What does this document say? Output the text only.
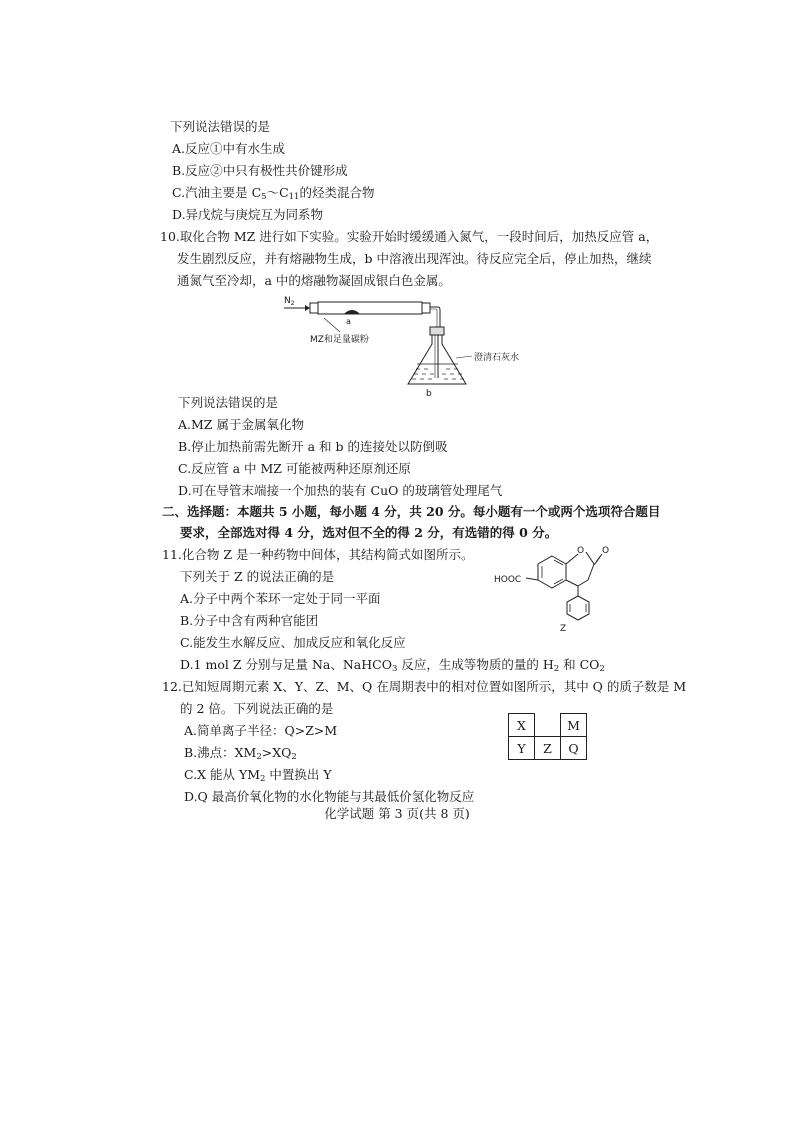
下列说法错误的是
A.反应①中有水生成
B.反应②中只有极性共价键形成
C.汽油主要是 $C_5\sim C_{11}$的烃类混合物
D.异戊烷与庚烷互为同系物
10.取化合物 MZ 进行如下实验。实验开始时缓缓通入氮气，一段时间后，加热反应管 a，
发生剧烈反应，并有熔融物生成，b 中溶液出现浑浊。待反应完全后，停止加热，继续
通氮气至冷却，a 中的熔融物凝固成银白色金属。
$N_2$
a
MZ和足量碳粉
澄清石灰水
b
下列说法错误的是
A.MZ 属于金属氧化物
B.停止加热前需先断开 a 和 b 的连接处以防倒吸
C.反应管 a 中 MZ 可能被两种还原剂还原
D.可在导管末端接一个加热的装有 CuO 的玻璃管处理尾气
二、选择题：本题共 5 小题，每小题 4 分，共 20 分。每小题有一个或两个选项符合题目
要求，全部选对得 4 分，选对但不全的得 2 分，有选错的得 0 分。
11.化合物 Z 是一种药物中间体，其结构简式如图所示。
下列关于 Z 的说法正确的是
A.分子中两个苯环一定处于同一平面
B.分子中含有两种官能团
C.能发生水解反应、加成反应和氧化反应
D.1 mol Z 分别与足量 Na、NaHCO$_3$ 反应，生成等物质的量的 $H_2$ 和 $CO_2$
O O
HOOC
Z
12.已知短周期元素 X、Y、Z、M、Q 在周期表中的相对位置如图所示，其中 Q 的质子数是 M
的 2 倍。下列说法正确的是
A.简单离子半径：Q>Z>M
B.沸点：$XM_2>XQ_2$
C.X 能从 $YM_2$ 中置换出 Y
D.Q 最高价氧化物的水化物能与其最低价氢化物反应
X		M
Y	Z	Q
化学试题 第 3 页(共 8 页)
